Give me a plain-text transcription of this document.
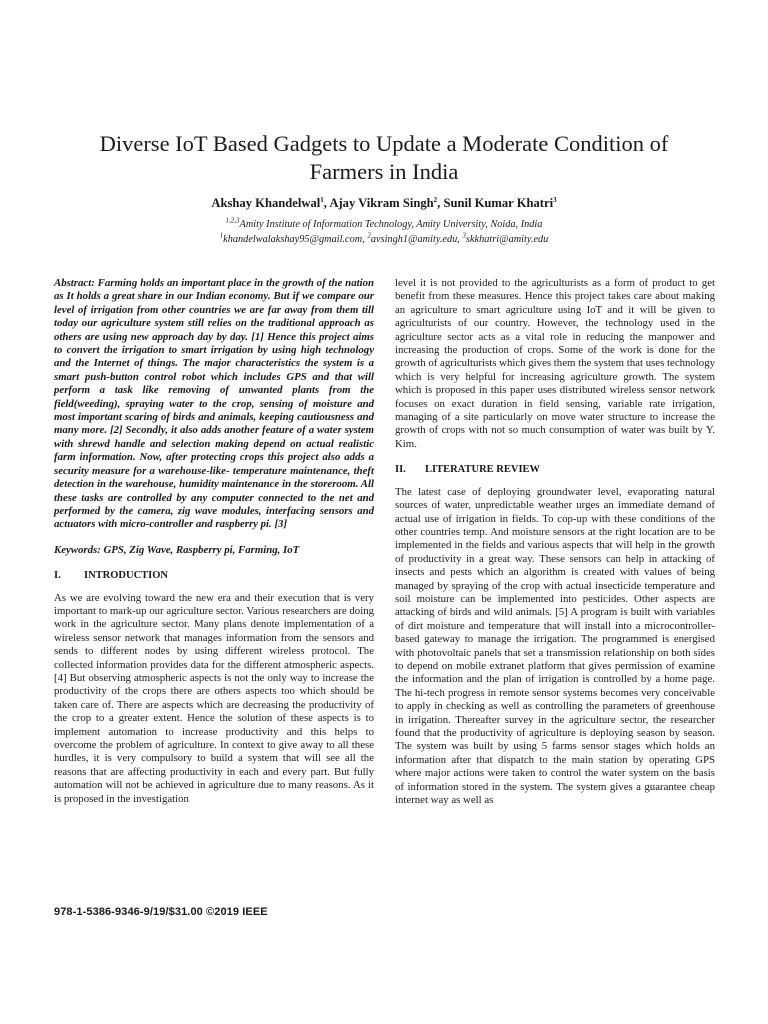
Diverse IoT Based Gadgets to Update a Moderate Condition of Farmers in India
Akshay Khandelwal$^1$, Ajay Vikram Singh$^2$, Sunil Kumar Khatri$^3$
$^{1,2,3}$Amity Institute of Information Technology, Amity University, Noida, India
$^1$khandelwalakshay95@gmail.com, $^2$avsingh1@amity.edu, $^3$skkhatri@amity.edu

Abstract: Farming holds an important place in the growth of the nation as It holds a great share in our Indian economy. But if we compare our level of irrigation from other countries we are far away from them till today our agriculture system still relies on the traditional approach as others are using new approach day by day. [1] Hence this project aims to convert the irrigation to smart irrigation by using high technology and the Internet of things. The major characteristics the system is a smart push-button control robot which includes GPS and that will perform a task like removing of unwanted plants from the field(weeding), spraying water to the crop, sensing of moisture and most important scaring of birds and animals, keeping cautiousness and many more. [2] Secondly, it also adds another feature of a water system with shrewd handle and selection making depend on actual realistic farm information. Now, after protecting crops this project also adds a security measure for a warehouse-like- temperature maintenance, theft detection in the warehouse, humidity maintenance in the storeroom. All these tasks are controlled by any computer connected to the net and performed by the camera, zig wave modules, interfacing sensors and actuators with micro-controller and raspberry pi. [3]

Keywords: GPS, Zig Wave, Raspberry pi, Farming, IoT

I.	INTRODUCTION

As we are evolving toward the new era and their execution that is very important to mark-up our agriculture sector. Various researchers are doing work in the agriculture sector. Many plans denote implementation of a wireless sensor network that manages information from the sensors and sends to different nodes by using different wireless protocol. The collected information provides data for the different atmospheric aspects. [4] But observing atmospheric aspects is not the only way to increase the productivity of the crops there are others aspects too which should be taken care of. There are aspects which are decreasing the productivity of the crop to a greater extent. Hence the solution of these aspects is to implement automation to increase productivity and this helps to overcome the problem of agriculture. In context to give away to all these hurdles, it is very compulsory to build a system that will see all the reasons that are affecting productivity in each and every part. But fully automation will not be achieved in agriculture due to many reasons. As it is proposed in the investigation

level it is not provided to the agriculturists as a form of product to get benefit from these measures. Hence this project takes care about making an agriculture to smart agriculture using IoT and it will be given to agriculturists of our country. However, the technology used in the agriculture sector acts as a vital role in reducing the manpower and increasing the production of crops. Some of the work is done for the growth of agriculturists which gives them the system that uses technology which is very helpful for increasing agriculture growth. The system which is proposed in this paper uses distributed wireless sensor network focuses on exact duration in field sensing, variable rate irrigation, managing of a site particularly on move water structure to increase the growth of crops with not so much consumption of water was built by Y. Kim.

II.	LITERATURE REVIEW

The latest case of deploying groundwater level, evaporating natural sources of water, unpredictable weather urges an immediate demand of actual use of irrigation in fields. To cop-up with these conditions of the other countries temp. And moisture sensors at the right location are to be implemented in the fields and various aspects that will help in the growth of productivity in a great way. These sensors can help in attacking of insects and pests which an algorithm is created with values of being managed by spraying of the crop with actual insecticide temperature and soil moisture can be implemented into pesticides. Other aspects are attacking of birds and wild animals. [5] A program is built with variables of dirt moisture and temperature that will install into a microcontroller-based gateway to manage the irrigation. The programmed is energised with photovoltaic panels that set a transmission relationship on both sides to depend on mobile extranet platform that gives permission of examine the information and the plan of irrigation is controlled by a home page. The hi-tech progress in remote sensor systems becomes very conceivable to apply in checking as well as controlling the parameters of greenhouse in irrigation. Thereafter survey in the agriculture sector, the researcher found that the productivity of agriculture is deploying season by season. The system was built by using 5 farms sensor stages which holds an information after that dispatch to the main station by operating GPS where major actions were taken to control the water system on the basis of information stored in the system. The system gives a guarantee cheap internet way as well as

978-1-5386-9346-9/19/$31.00 ©2019 IEEE
